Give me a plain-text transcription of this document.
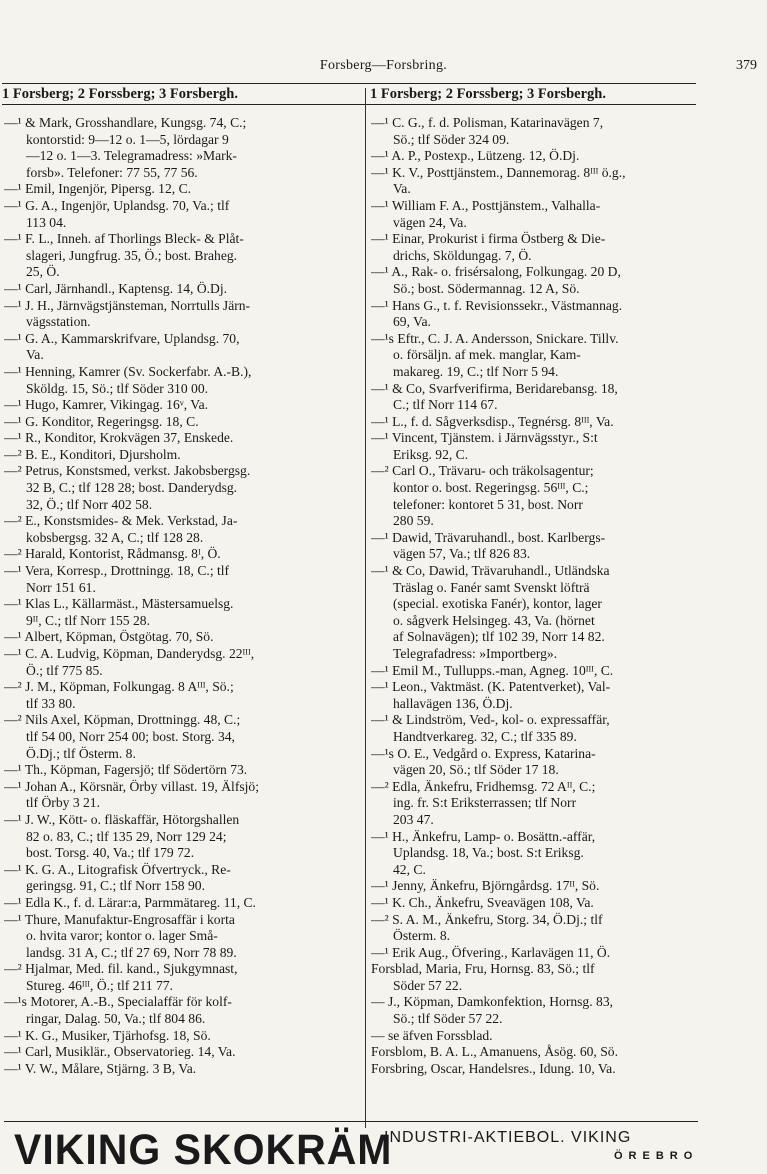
Forsberg—Forsbring.	379
1 Forsberg; 2 Forssberg; 3 Forsbergh.	1 Forsberg; 2 Forssberg; 3 Forsbergh.
—¹ & Mark, Grosshandlare, Kungsg. 74, C.;
kontorstid: 9—12 o. 1—5, lördagar 9
—12 o. 1—3. Telegramadress: »Mark-
forsb». Telefoner: 77 55, 77 56.
—¹ Emil, Ingenjör, Pipersg. 12, C.
—¹ G. A., Ingenjör, Uplandsg. 70, Va.; tlf
113 04.
—¹ F. L., Inneh. af Thorlings Bleck- & Plåt-
slageri, Jungfrug. 35, Ö.; bost. Braheg.
25, Ö.
—¹ Carl, Järnhandl., Kaptensg. 14, Ö.Dj.
—¹ J. H., Järnvägstjänsteman, Norrtulls Järn-
vägsstation.
—¹ G. A., Kammarskrifvare, Uplandsg. 70,
Va.
—¹ Henning, Kamrer (Sv. Sockerfabr. A.-B.),
Sköldg. 15, Sö.; tlf Söder 310 00.
—¹ Hugo, Kamrer, Vikingag. 16ᵛ, Va.
—¹ G. Konditor, Regeringsg. 18, C.
—¹ R., Konditor, Krokvägen 37, Enskede.
—² B. E., Konditori, Djursholm.
—² Petrus, Konstsmed, verkst. Jakobsbergsg.
32 B, C.; tlf 128 28; bost. Danderydsg.
32, Ö.; tlf Norr 402 58.
—² E., Konstsmides- & Mek. Verkstad, Ja-
kobsbergsg. 32 A, C.; tlf 128 28.
—² Harald, Kontorist, Rådmansg. 8ᴵ, Ö.
—¹ Vera, Korresp., Drottningg. 18, C.; tlf
Norr 151 61.
—¹ Klas L., Källarmäst., Mästersamuelsg.
9ᴵᴵ, C.; tlf Norr 155 28.
—¹ Albert, Köpman, Östgötag. 70, Sö.
—¹ C. A. Ludvig, Köpman, Danderydsg. 22ᴵᴵᴵ,
Ö.; tlf 775 85.
—² J. M., Köpman, Folkungag. 8 Aᴵᴵᴵ, Sö.;
tlf 33 80.
—² Nils Axel, Köpman, Drottningg. 48, C.;
tlf 54 00, Norr 254 00; bost. Storg. 34,
Ö.Dj.; tlf Österm. 8.
—¹ Th., Köpman, Fagersjö; tlf Södertörn 73.
—¹ Johan A., Körsnär, Örby villast. 19, Älfsjö;
tlf Örby 3 21.
—¹ J. W., Kött- o. fläskaffär, Hötorgshallen
82 o. 83, C.; tlf 135 29, Norr 129 24;
bost. Torsg. 40, Va.; tlf 179 72.
—¹ K. G. A., Litografisk Öfvertryck., Re-
geringsg. 91, C.; tlf Norr 158 90.
—¹ Edla K., f. d. Lärar:a, Parmmätareg. 11, C.
—¹ Thure, Manufaktur-Engrosaffär i korta
o. hvita varor; kontor o. lager Små-
landsg. 31 A, C.; tlf 27 69, Norr 78 89.
—² Hjalmar, Med. fil. kand., Sjukgymnast,
Stureg. 46ᴵᴵᴵ, Ö.; tlf 211 77.
—¹s Motorer, A.-B., Specialaffär för kolf-
ringar, Dalag. 50, Va.; tlf 804 86.
—¹ K. G., Musiker, Tjärhofsg. 18, Sö.
—¹ Carl, Musiklär., Observatorieg. 14, Va.
—¹ V. W., Målare, Stjärng. 3 B, Va.
—¹ C. G., f. d. Polisman, Katarinavägen 7,
Sö.; tlf Söder 324 09.
—¹ A. P., Postexp., Lützeng. 12, Ö.Dj.
—¹ K. V., Posttjänstem., Dannemorag. 8ᴵᴵᴵ ö.g.,
Va.
—¹ William F. A., Posttjänstem., Valhalla-
vägen 24, Va.
—¹ Einar, Prokurist i firma Östberg & Die-
drichs, Sköldungag. 7, Ö.
—¹ A., Rak- o. frisérsalong, Folkungag. 20 D,
Sö.; bost. Södermannag. 12 A, Sö.
—¹ Hans G., t. f. Revisionssekr., Västmannag.
69, Va.
—¹s Eftr., C. J. A. Andersson, Snickare. Tillv.
o. försäljn. af mek. manglar, Kam-
makareg. 19, C.; tlf Norr 5 94.
—¹ & Co, Svarfverifirma, Beridarebansg. 18,
C.; tlf Norr 114 67.
—¹ L., f. d. Sågverksdisp., Tegnérsg. 8ᴵᴵᴵ, Va.
—¹ Vincent, Tjänstem. i Järnvägsstyr., S:t
Eriksg. 92, C.
—² Carl O., Trävaru- och träkolsagentur;
kontor o. bost. Regeringsg. 56ᴵᴵᴵ, C.;
telefoner: kontoret 5 31, bost. Norr
280 59.
—¹ Dawid, Trävaruhandl., bost. Karlbergs-
vägen 57, Va.; tlf 826 83.
—¹ & Co, Dawid, Trävaruhandl., Utländska
Träslag o. Fanér samt Svenskt löfträ
(special. exotiska Fanér), kontor, lager
o. sågverk Helsingeg. 43, Va. (hörnet
af Solnavägen); tlf 102 39, Norr 14 82.
Telegrafadress: »Importberg».
—¹ Emil M., Tullupps.-man, Agneg. 10ᴵᴵᴵ, C.
—¹ Leon., Vaktmäst. (K. Patentverket), Val-
hallavägen 136, Ö.Dj.
—¹ & Lindström, Ved-, kol- o. expressaffär,
Handtverkareg. 32, C.; tlf 335 89.
—¹s O. E., Vedgård o. Express, Katarina-
vägen 20, Sö.; tlf Söder 17 18.
—² Edla, Änkefru, Fridhemsg. 72 Aᴵᴵ, C.;
ing. fr. S:t Eriksterrassen; tlf Norr
203 47.
—¹ H., Änkefru, Lamp- o. Bosättn.-affär,
Uplandsg. 18, Va.; bost. S:t Eriksg.
42, C.
—¹ Jenny, Änkefru, Björngårdsg. 17ᴵᴵ, Sö.
—¹ K. Ch., Änkefru, Sveavägen 108, Va.
—² S. A. M., Änkefru, Storg. 34, Ö.Dj.; tlf
Österm. 8.
—¹ Erik Aug., Öfvering., Karlavägen 11, Ö.
Forsblad, Maria, Fru, Hornsg. 83, Sö.; tlf
Söder 57 22.
— J., Köpman, Damkonfektion, Hornsg. 83,
Sö.; tlf Söder 57 22.
— se äfven Forssblad.
Forsblom, B. A. L., Amanuens, Åsög. 60, Sö.
Forsbring, Oscar, Handelsres., Idung. 10, Va.
VIKING SKOKRÄM
INDUSTRI-AKTIEBOL. VIKING
ÖREBRO
